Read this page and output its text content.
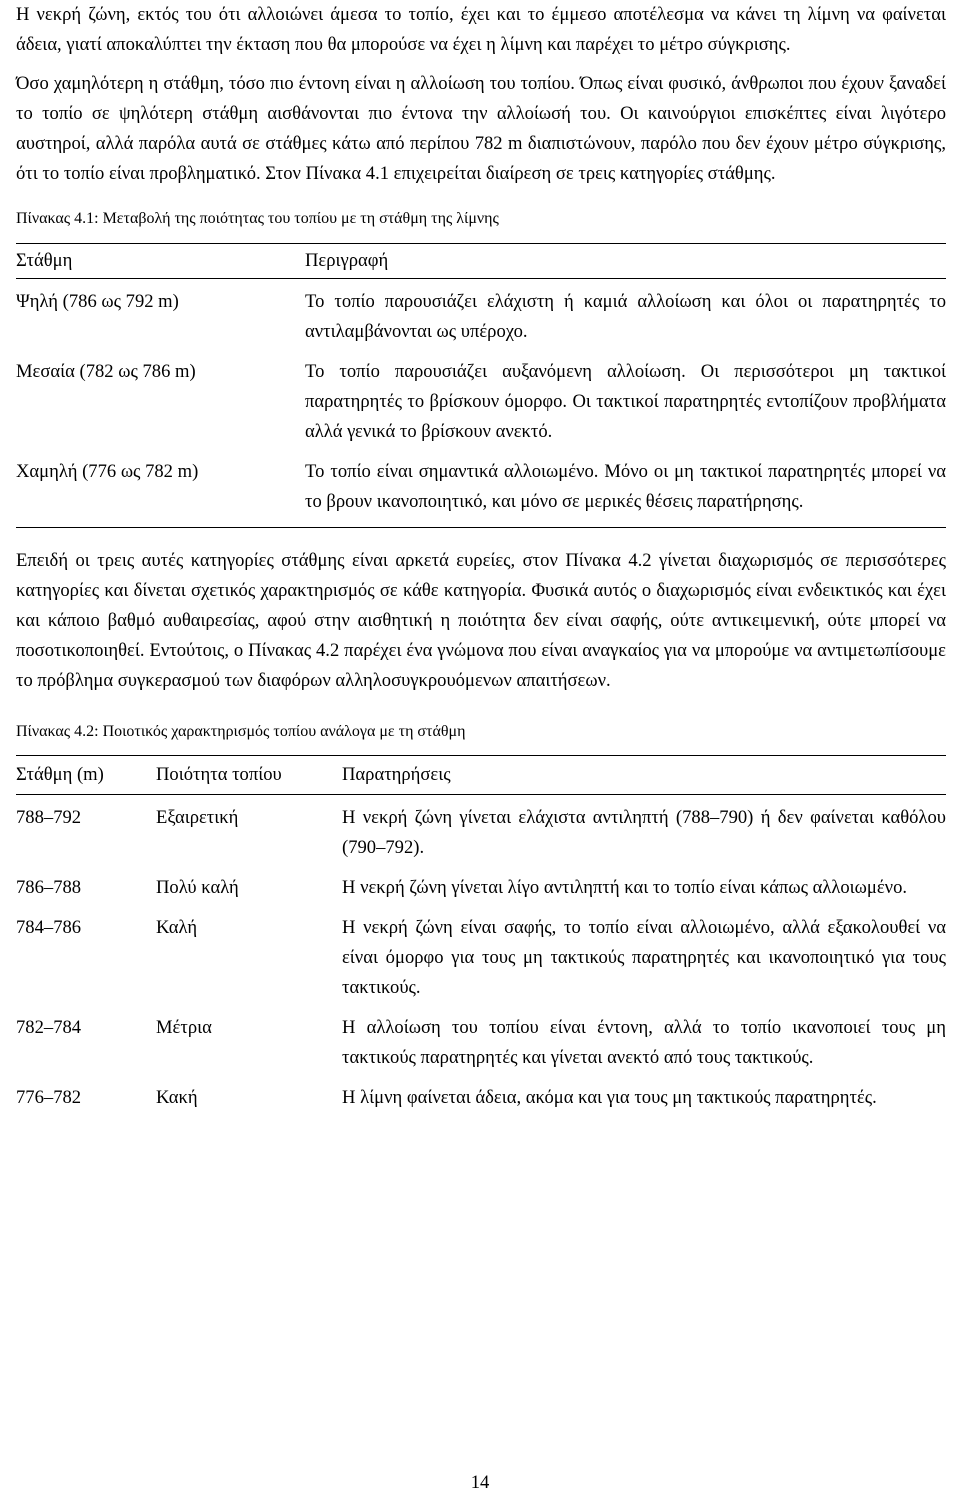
Η νεκρή ζώνη, εκτός του ότι αλλοιώνει άμεσα το τοπίο, έχει και το έμμεσο αποτέλεσμα να κάνει τη λίμνη να φαίνεται άδεια, γιατί αποκαλύπτει την έκταση που θα μπορούσε να έχει η λίμνη και παρέχει το μέτρο σύγκρισης.

Όσο χαμηλότερη η στάθμη, τόσο πιο έντονη είναι η αλλοίωση του τοπίου. Όπως είναι φυσικό, άνθρωποι που έχουν ξαναδεί το τοπίο σε ψηλότερη στάθμη αισθάνονται πιο έντονα την αλλοίωσή του. Οι καινούργιοι επισκέπτες είναι λιγότερο αυστηροί, αλλά παρόλα αυτά σε στάθμες κάτω από περίπου 782 m διαπιστώνουν, παρόλο που δεν έχουν μέτρο σύγκρισης, ότι το τοπίο είναι προβληματικό. Στον Πίνακα 4.1 επιχειρείται διαίρεση σε τρεις κατηγορίες στάθμης.

Πίνακας 4.1: Μεταβολή της ποιότητας του τοπίου με τη στάθμη της λίμνης
Στάθμη	Περιγραφή
Ψηλή (786 ως 792 m)	Το τοπίο παρουσιάζει ελάχιστη ή καμιά αλλοίωση και όλοι οι παρατηρητές το αντιλαμβάνονται ως υπέροχο.
Μεσαία (782 ως 786 m)	Το τοπίο παρουσιάζει αυξανόμενη αλλοίωση. Οι περισσότεροι μη τακτικοί παρατηρητές το βρίσκουν όμορφο. Οι τακτικοί παρατηρητές εντοπίζουν προβλήματα αλλά γενικά το βρίσκουν ανεκτό.
Χαμηλή (776 ως 782 m)	Το τοπίο είναι σημαντικά αλλοιωμένο. Μόνο οι μη τακτικοί παρατηρητές μπορεί να το βρουν ικανοποιητικό, και μόνο σε μερικές θέσεις παρατήρησης.

Επειδή οι τρεις αυτές κατηγορίες στάθμης είναι αρκετά ευρείες, στον Πίνακα 4.2 γίνεται διαχωρισμός σε περισσότερες κατηγορίες και δίνεται σχετικός χαρακτηρισμός σε κάθε κατηγορία. Φυσικά αυτός ο διαχωρισμός είναι ενδεικτικός και έχει και κάποιο βαθμό αυθαιρεσίας, αφού στην αισθητική η ποιότητα δεν είναι σαφής, ούτε αντικειμενική, ούτε μπορεί να ποσοτικοποιηθεί. Εντούτοις, ο Πίνακας 4.2 παρέχει ένα γνώμονα που είναι αναγκαίος για να μπορούμε να αντιμετωπίσουμε το πρόβλημα συγκερασμού των διαφόρων αλληλοσυγκρουόμενων απαιτήσεων.

Πίνακας 4.2: Ποιοτικός χαρακτηρισμός τοπίου ανάλογα με τη στάθμη
Στάθμη (m)	Ποιότητα τοπίου	Παρατηρήσεις
788–792	Εξαιρετική	Η νεκρή ζώνη γίνεται ελάχιστα αντιληπτή (788–790) ή δεν φαίνεται καθόλου (790–792).
786–788	Πολύ καλή	Η νεκρή ζώνη γίνεται λίγο αντιληπτή και το τοπίο είναι κάπως αλλοιωμένο.
784–786	Καλή	Η νεκρή ζώνη είναι σαφής, το τοπίο είναι αλλοιωμένο, αλλά εξακολουθεί να είναι όμορφο για τους μη τακτικούς παρατηρητές και ικανοποιητικό για τους τακτικούς.
782–784	Μέτρια	Η αλλοίωση του τοπίου είναι έντονη, αλλά το τοπίο ικανοποιεί τους μη τακτικούς παρατηρητές και γίνεται ανεκτό από τους τακτικούς.
776–782	Κακή	Η λίμνη φαίνεται άδεια, ακόμα και για τους μη τακτικούς παρατηρητές.
14
